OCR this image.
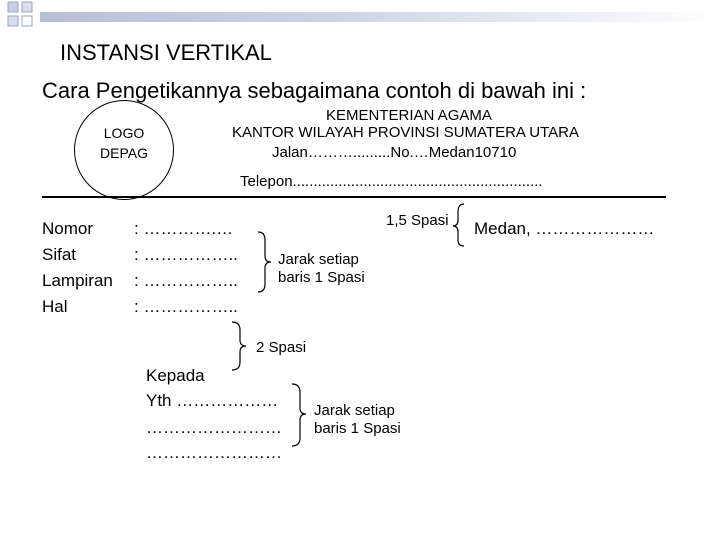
INSTANSI VERTIKAL
Cara Pengetikannya sebagaimana contoh di bawah ini :
LOGO
DEPAG
KEMENTERIAN AGAMA
KANTOR WILAYAH PROVINSI SUMATERA UTARA
Jalan……….........No.…Medan10710
Telepon............................................................
Nomor : ………….…
Sifat	: ……………..
Lampiran : ……………..
Hal	: ……………..
1,5 Spasi Medan, …………………
Jarak setiap
baris 1 Spasi
2 Spasi
Jarak setiap
baris 1 Spasi
Kepada
Yth ………………
……………………
……………………
